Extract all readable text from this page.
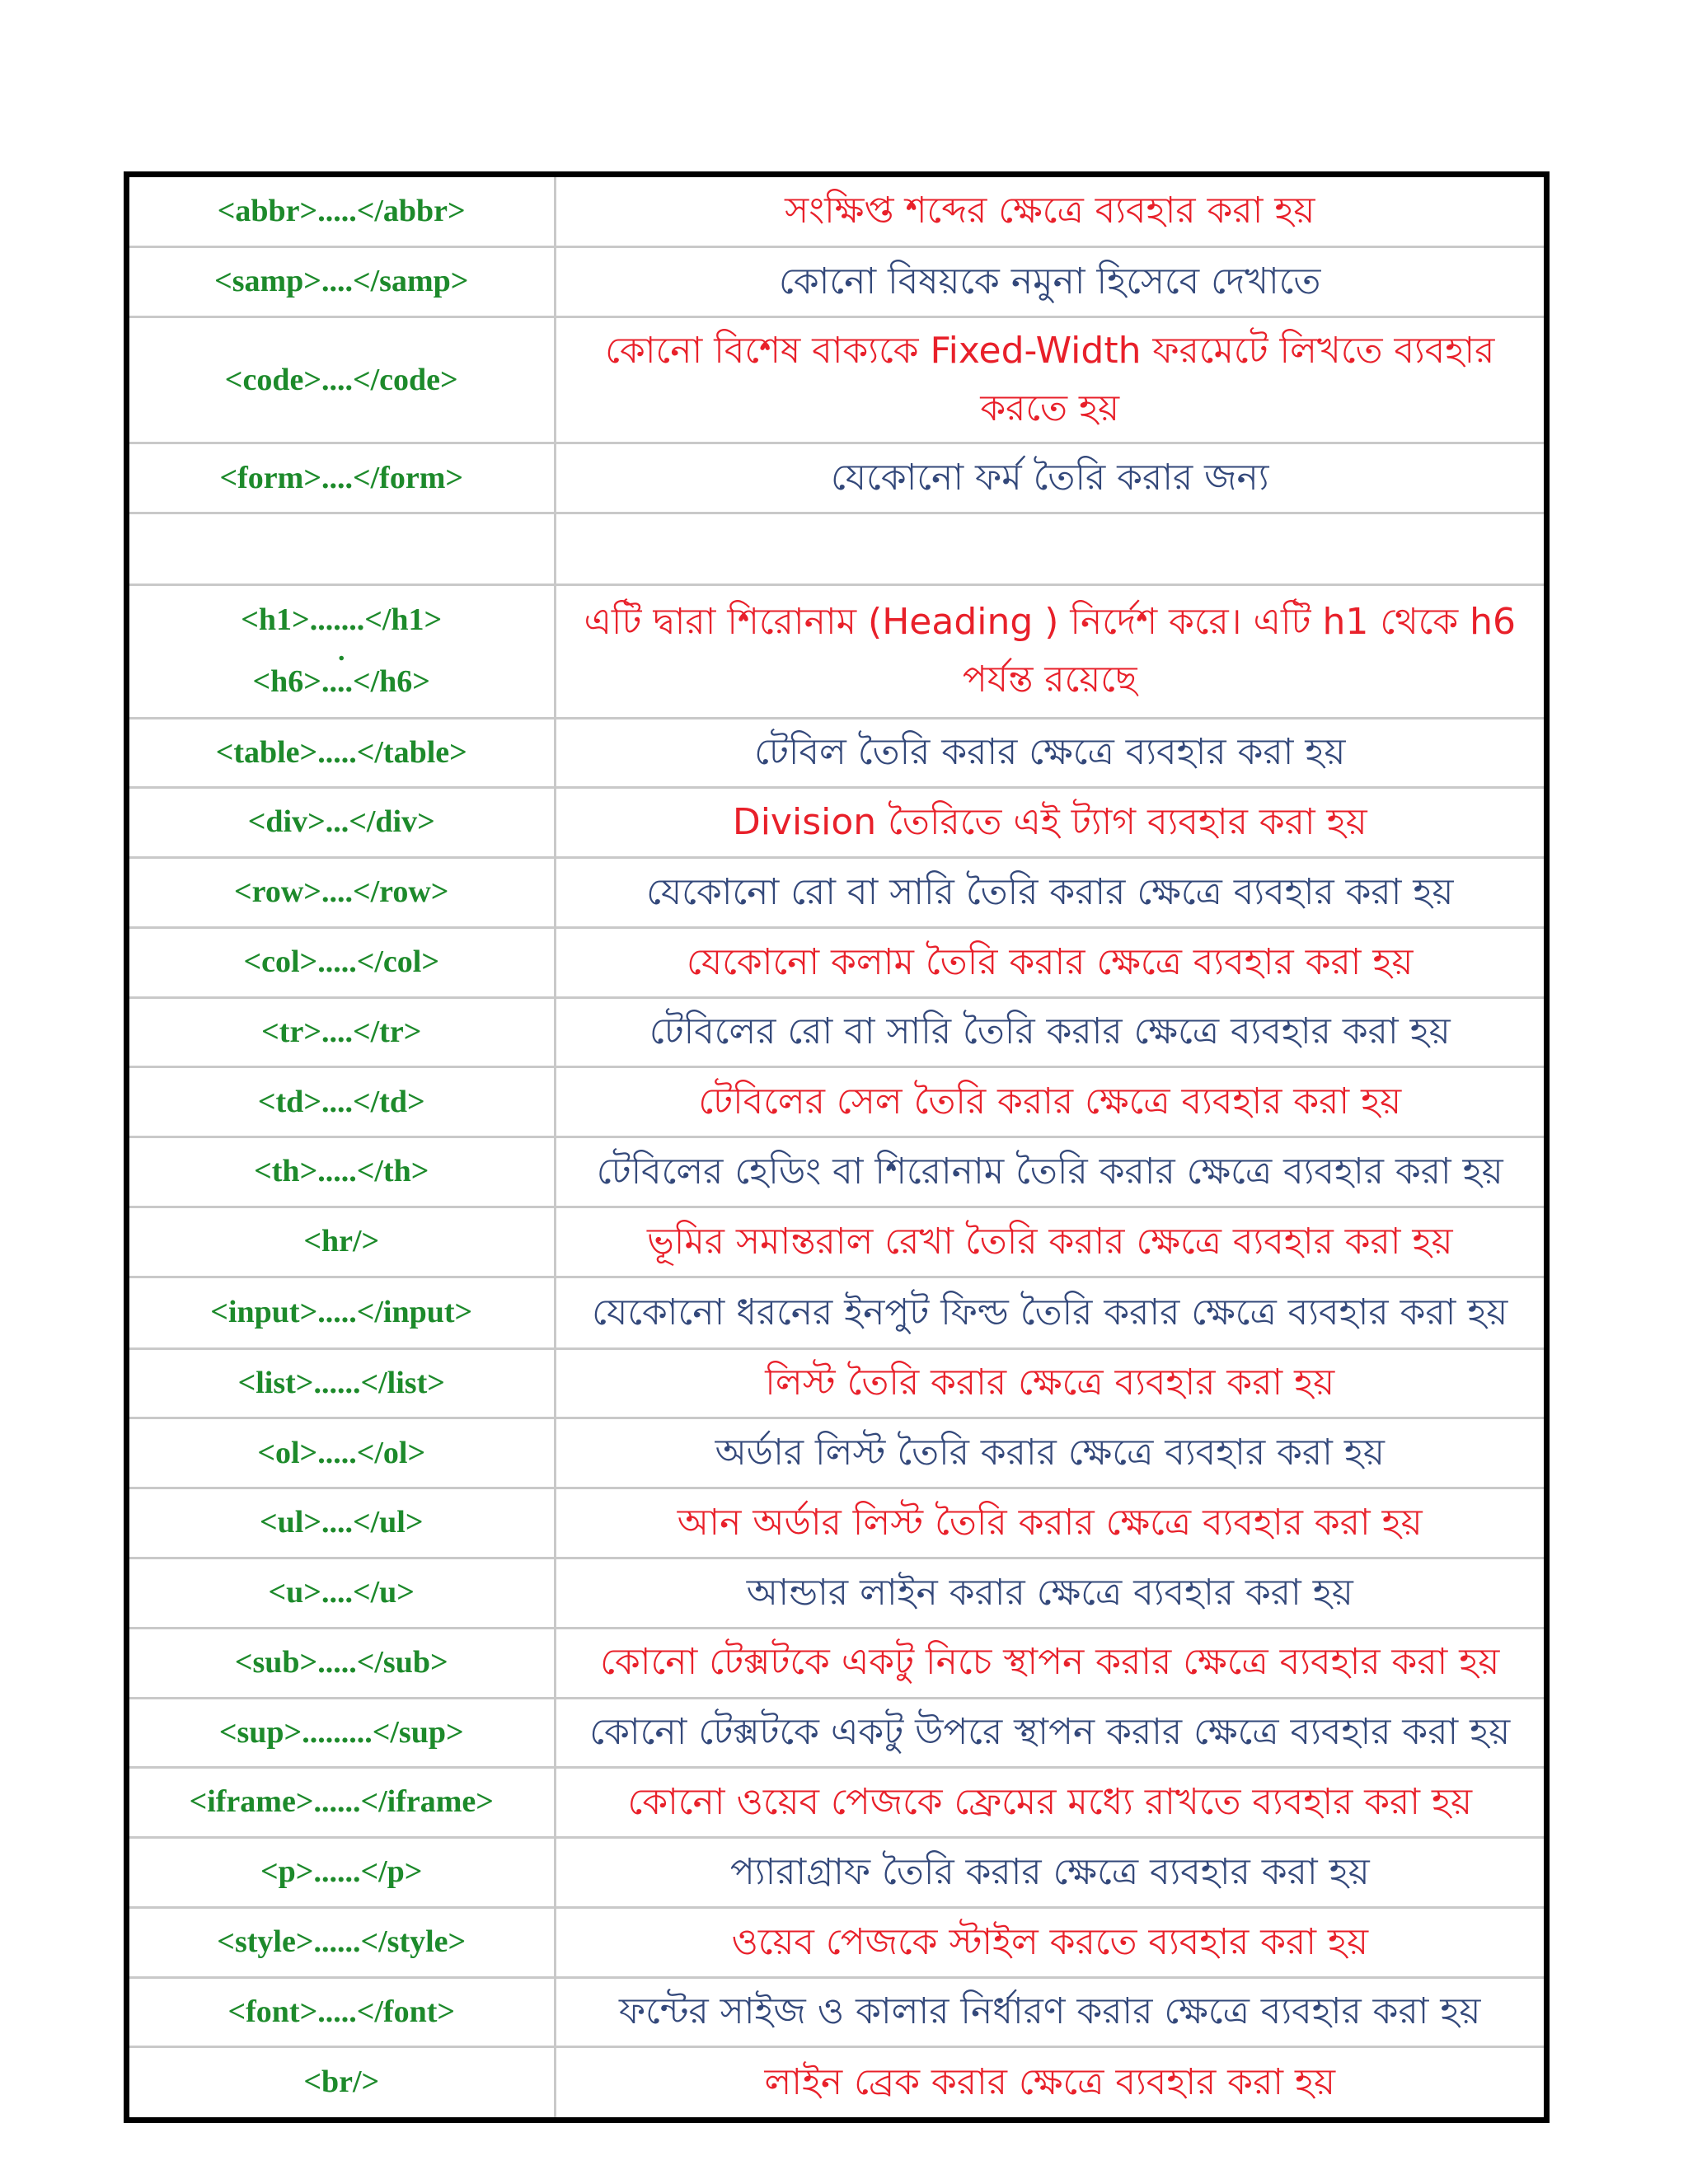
<abbr>.....</abbr>	সংক্ষিপ্ত শব্দের ক্ষেত্রে ব্যবহার করা হয়

<samp>....</samp>	কোনো বিষয়কে নমুনা হিসেবে দেখাতে

<code>....</code>	কোনো বিশেষ বাক্যকে Fixed-Width ফরমেটে লিখতে ব্যবহার করতে হয়

<form>....</form>	যেকোনো ফর্ম তৈরি করার জন্য

<h1>.......</h1>
.
<h6>....</h6>	এটি দ্বারা শিরোনাম (Heading ) নির্দেশ করে। এটি h1 থেকে h6 পর্যন্ত রয়েছে

<table>.....</table>	টেবিল তৈরি করার ক্ষেত্রে ব্যবহার করা হয়

<div>...</div>	Division তৈরিতে এই ট্যাগ ব্যবহার করা হয়

<row>....</row>	যেকোনো রো বা সারি তৈরি করার ক্ষেত্রে ব্যবহার করা হয়

<col>.....</col>	যেকোনো কলাম তৈরি করার ক্ষেত্রে ব্যবহার করা হয়

<tr>....</tr>	টেবিলের রো বা সারি তৈরি করার ক্ষেত্রে ব্যবহার করা হয়

<td>....</td>	টেবিলের সেল তৈরি করার ক্ষেত্রে ব্যবহার করা হয়

<th>.....</th>	টেবিলের হেডিং বা শিরোনাম তৈরি করার ক্ষেত্রে ব্যবহার করা হয়

<hr/>	ভূমির সমান্তরাল রেখা তৈরি করার ক্ষেত্রে ব্যবহার করা হয়

<input>.....</input>	যেকোনো ধরনের ইনপুট ফিল্ড তৈরি করার ক্ষেত্রে ব্যবহার করা হয়

<list>......</list>	লিস্ট তৈরি করার ক্ষেত্রে ব্যবহার করা হয়

<ol>.....</ol>	অর্ডার লিস্ট তৈরি করার ক্ষেত্রে ব্যবহার করা হয়

<ul>....</ul>	আন অর্ডার লিস্ট তৈরি করার ক্ষেত্রে ব্যবহার করা হয়

<u>....</u>	আন্ডার লাইন করার ক্ষেত্রে ব্যবহার করা হয়

<sub>.....</sub>	কোনো টেক্সটকে একটু নিচে স্থাপন করার ক্ষেত্রে ব্যবহার করা হয়

<sup>.........</sup>	কোনো টেক্সটকে একটু উপরে স্থাপন করার ক্ষেত্রে ব্যবহার করা হয়

<iframe>......</iframe>	কোনো ওয়েব পেজকে ফ্রেমের মধ্যে রাখতে ব্যবহার করা হয়

<p>......</p>	প্যারাগ্রাফ তৈরি করার ক্ষেত্রে ব্যবহার করা হয়

<style>......</style>	ওয়েব পেজকে স্টাইল করতে ব্যবহার করা হয়

<font>.....</font>	ফন্টের সাইজ ও কালার নির্ধারণ করার ক্ষেত্রে ব্যবহার করা হয়

<br/>	লাইন ব্রেক করার ক্ষেত্রে ব্যবহার করা হয়
